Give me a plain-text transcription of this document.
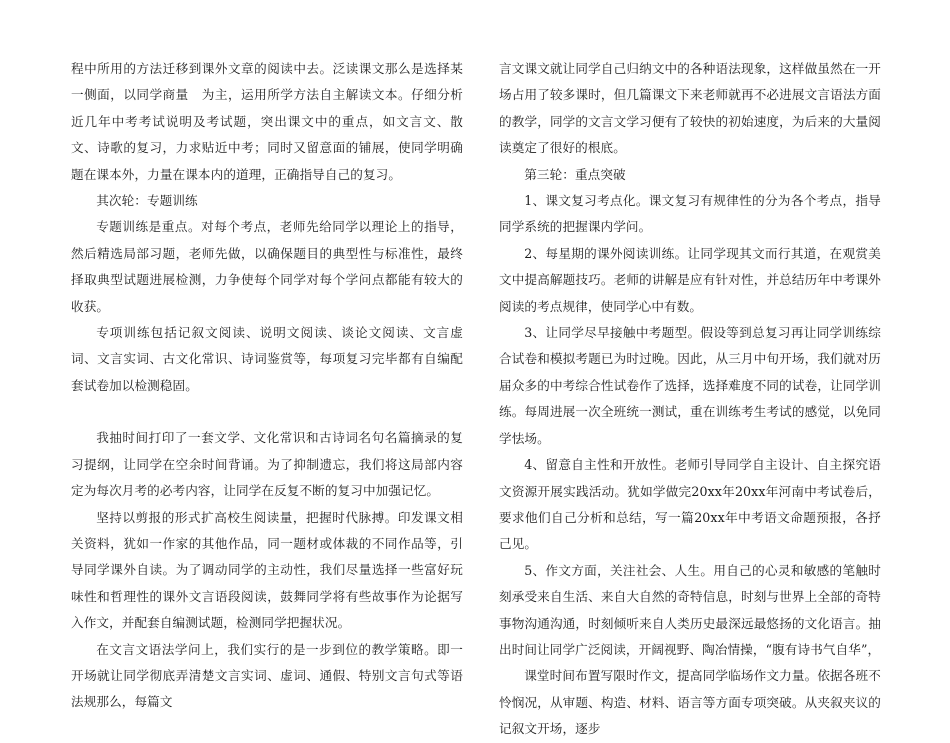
程中所用的方法迁移到课外文章的阅读中去。泛读课文那么是选择某一侧面，以同学商量　为主，运用所学方法自主解读文本。仔细分析近几年中考考试说明及考试题，突出课文中的重点，如文言文、散文、诗歌的复习，力求贴近中考；同时又留意面的铺展，使同学明确题在课本外，力量在课本内的道理，正确指导自己的复习。

其次轮：专题训练

专题训练是重点。对每个考点，老师先给同学以理论上的指导，然后精选局部习题，老师先做，以确保题目的典型性与标准性，最终择取典型试题进展检测，力争使每个同学对每个学问点都能有较大的收获。

专项训练包括记叙文阅读、说明文阅读、谈论文阅读、文言虚词、文言实词、古文化常识、诗词鉴赏等，每项复习完毕都有自编配套试卷加以检测稳固。

我抽时间打印了一套文学、文化常识和古诗词名句名篇摘录的复习提纲，让同学在空余时间背诵。为了抑制遗忘，我们将这局部内容定为每次月考的必考内容，让同学在反复不断的复习中加强记忆。

坚持以剪报的形式扩高校生阅读量，把握时代脉搏。印发课文相关资料，犹如一作家的其他作品，同一题材或体裁的不同作品等，引导同学课外自读。为了调动同学的主动性，我们尽量选择一些富好玩味性和哲理性的课外文言语段阅读，鼓舞同学将有些故事作为论据写入作文，并配套自编测试题，检测同学把握状况。

在文言文语法学问上，我们实行的是一步到位的教学策略。即一开场就让同学彻底弄清楚文言实词、虚词、通假、特别文言句式等语法规那么，每篇文

言文课文就让同学自己归纳文中的各种语法现象，这样做虽然在一开场占用了较多课时，但几篇课文下来老师就再不必进展文言语法方面的教学，同学的文言文学习便有了较快的初始速度，为后来的大量阅读奠定了很好的根底。

第三轮：重点突破

1、课文复习考点化。课文复习有规律性的分为各个考点，指导同学系统的把握课内学问。

2、每星期的课外阅读训练。让同学现其文而行其道，在观赏美文中提高解题技巧。老师的讲解是应有针对性，并总结历年中考课外阅读的考点规律，使同学心中有数。

3、让同学尽早接触中考题型。假设等到总复习再让同学训练综合试卷和模拟考题已为时过晚。因此，从三月中旬开场，我们就对历届众多的中考综合性试卷作了选择，选择难度不同的试卷，让同学训练。每周进展一次全班统一测试，重在训练考生考试的感觉，以免同学怯场。

4、留意自主性和开放性。老师引导同学自主设计、自主探究语文资源开展实践活动。犹如学做完20xx年20xx年河南中考试卷后，要求他们自己分析和总结，写一篇20xx年中考语文命题预报，各抒己见。

5、作文方面，关注社会、人生。用自己的心灵和敏感的笔触时刻承受来自生活、来自大自然的奇特信息，时刻与世界上全部的奇特事物沟通沟通，时刻倾听来自人类历史最深远最悠扬的文化语言。抽出时间让同学广泛阅读，开阔视野、陶冶情操，“腹有诗书气自华”，

课堂时间布置写限时作文，提高同学临场作文力量。依据各班不怜悯况，从审题、构造、材料、语言等方面专项突破。从夹叙夹议的记叙文开场，逐步
